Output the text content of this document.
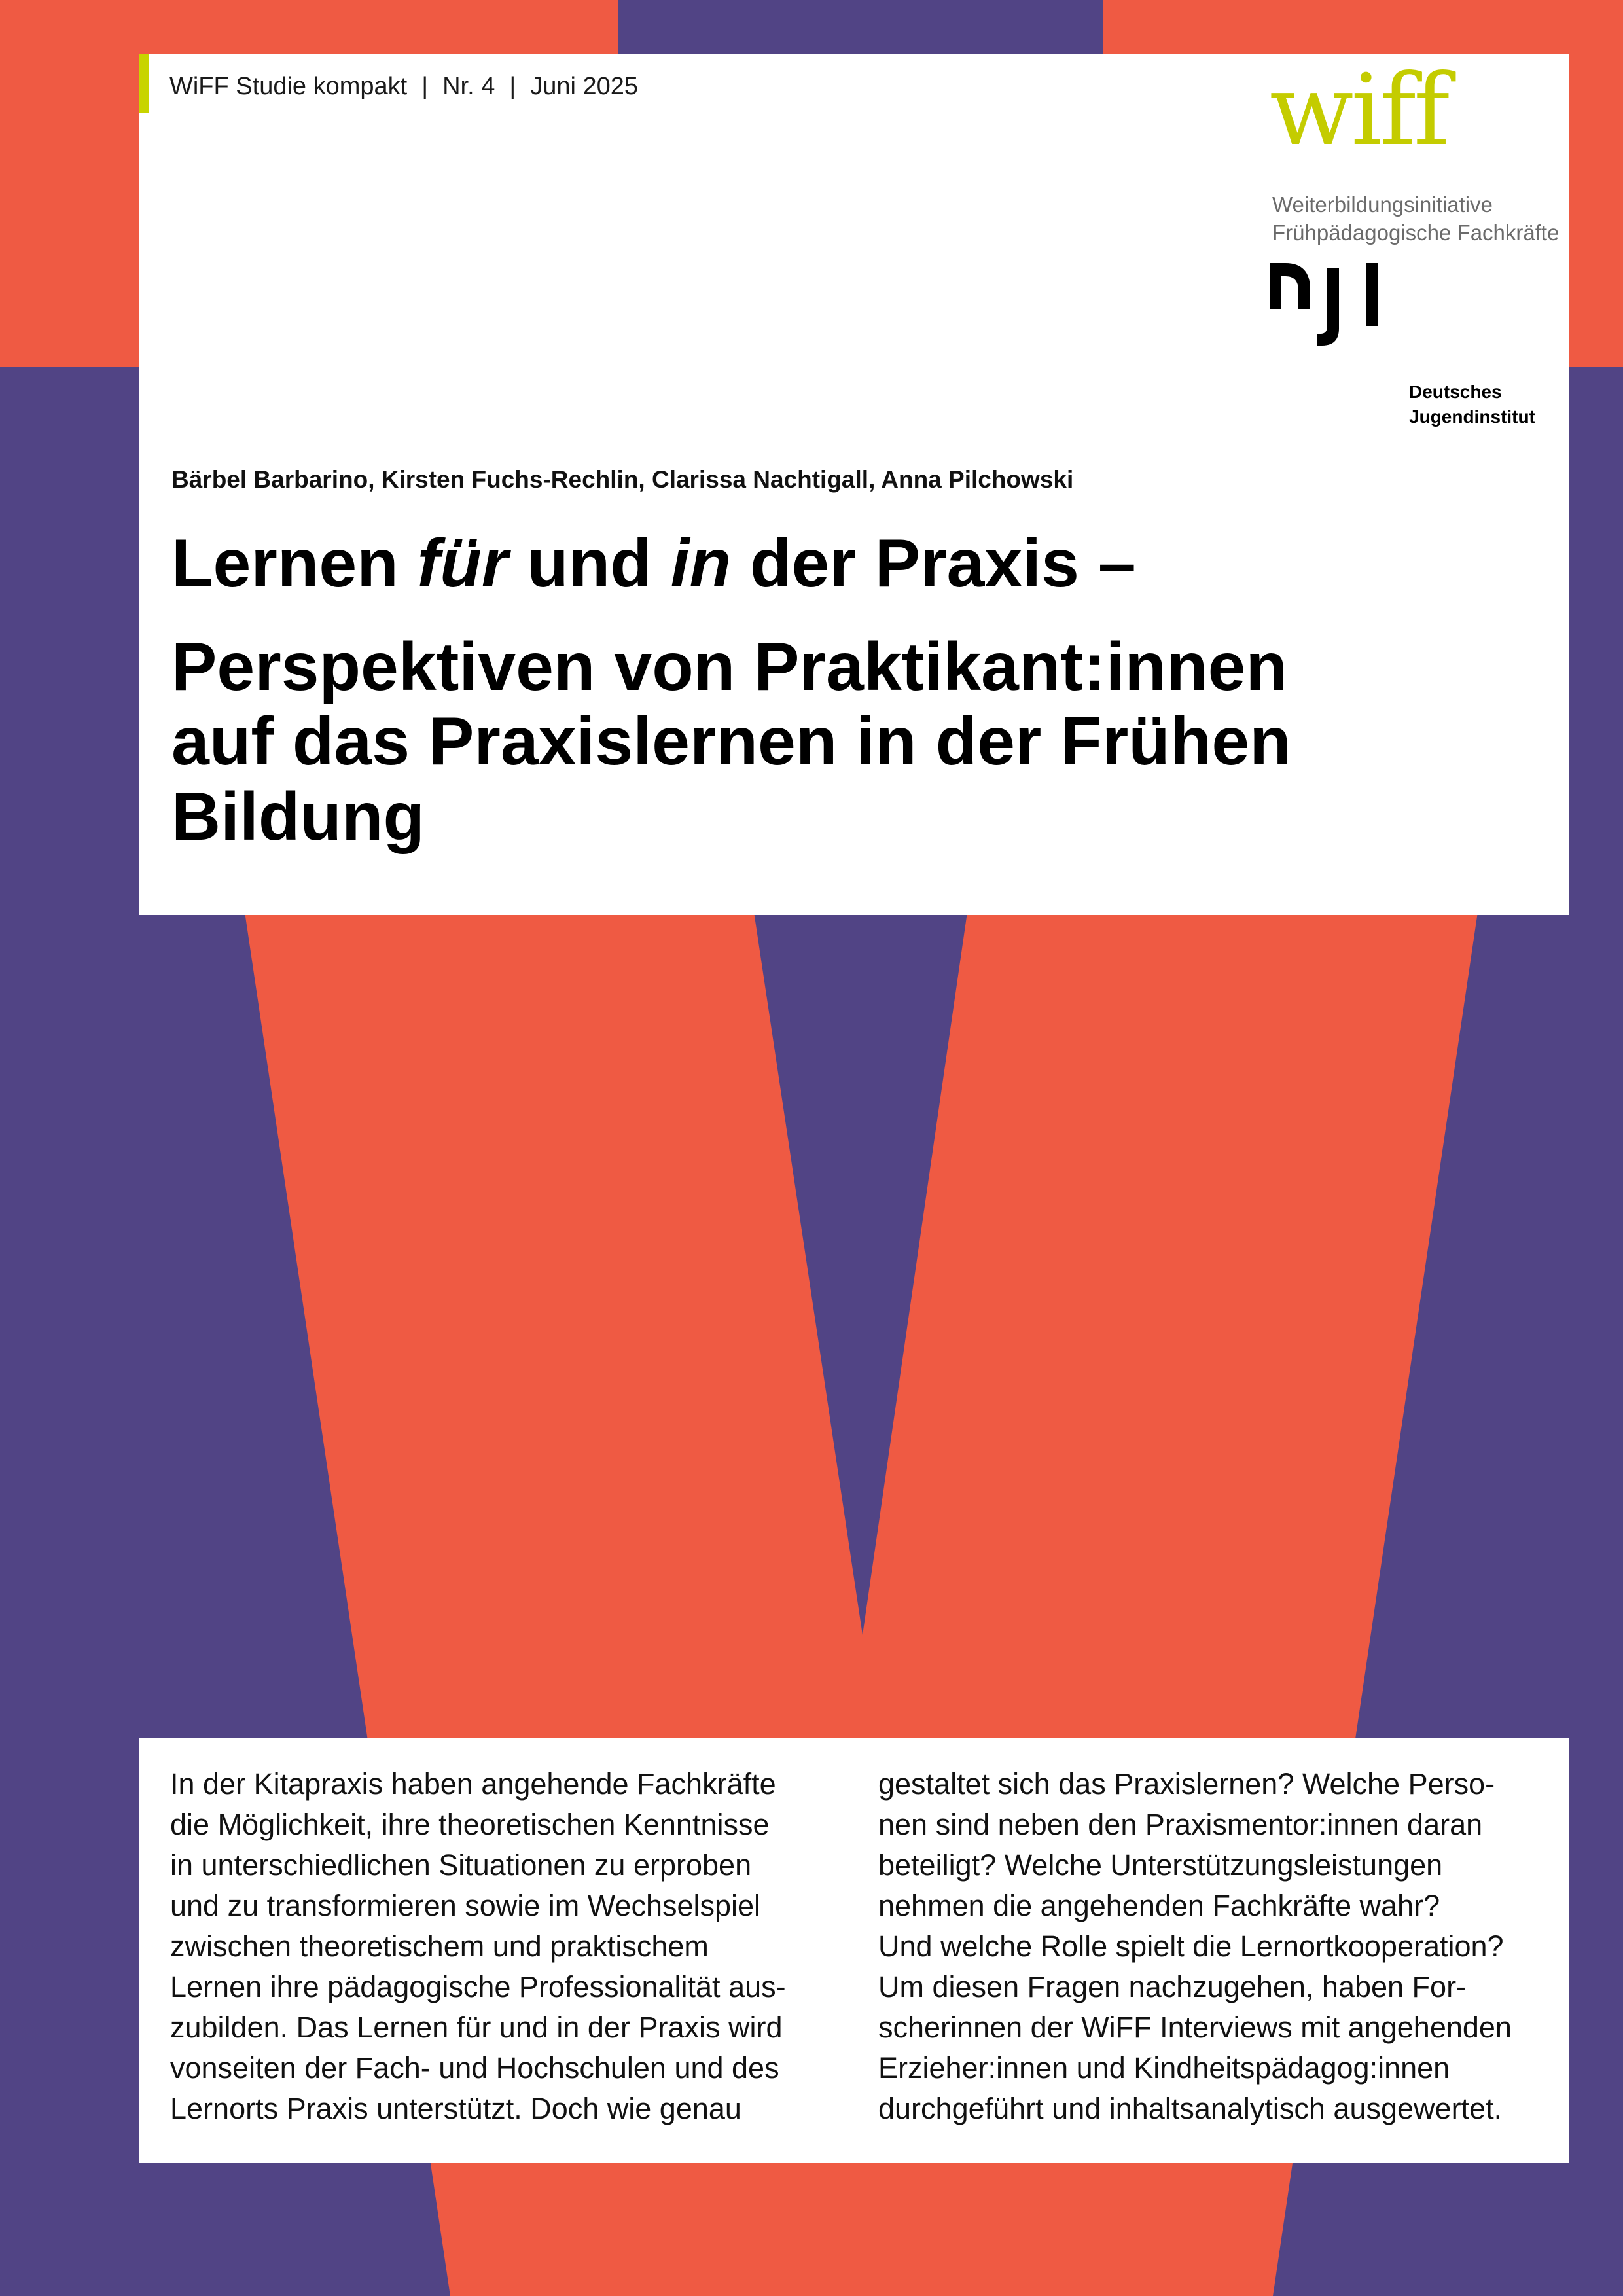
WiFF Studie kompakt | Nr. 4 | Juni 2025	wiff
Weiterbildungsinitiative
Frühpädagogische Fachkräfte
Deutsches
Jugendinstitut
Bärbel Barbarino, Kirsten Fuchs-Rechlin, Clarissa Nachtigall, Anna Pilchowski
Lernen für und in der Praxis –
Perspektiven von Praktikant:innen
auf das Praxislernen in der Frühen
Bildung
In der Kitapraxis haben angehende Fachkräfte
die Möglichkeit, ihre theoretischen Kenntnisse
in unterschiedlichen Situationen zu erproben
und zu transformieren sowie im Wechselspiel
zwischen theoretischem und praktischem
Lernen ihre pädagogische Professionalität aus-
zubilden. Das Lernen für und in der Praxis wird
vonseiten der Fach- und Hochschulen und des
Lernorts Praxis unterstützt. Doch wie genau
gestaltet sich das Praxislernen? Welche Perso-
nen sind neben den Praxismentor:innen daran
beteiligt? Welche Unterstützungsleistungen
nehmen die angehenden Fachkräfte wahr?
Und welche Rolle spielt die Lernortkooperation?
Um diesen Fragen nachzugehen, haben For-
scherinnen der WiFF Interviews mit angehenden
Erzieher:innen und Kindheitspädagog:innen
durchgeführt und inhaltsanalytisch ausgewertet.
